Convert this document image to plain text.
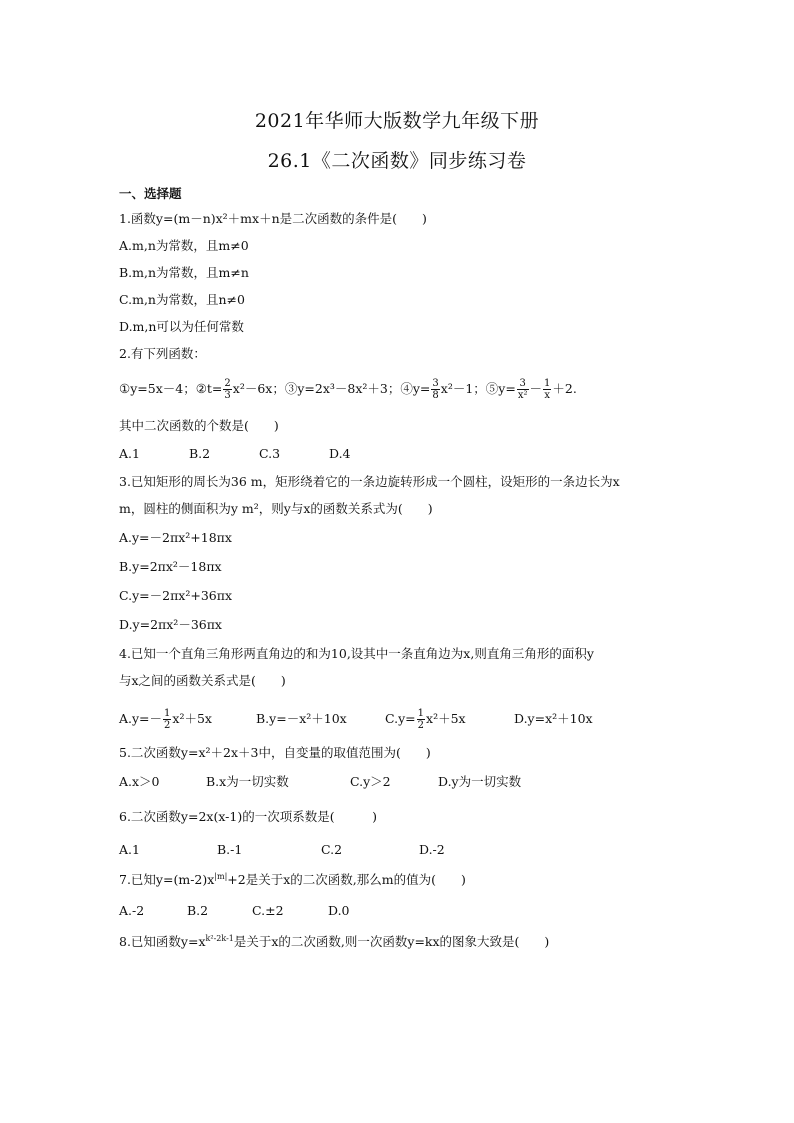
2021年华师大版数学九年级下册
26.1《二次函数》同步练习卷
一、选择题
1.函数y=(m－n)x²＋mx＋n是二次函数的条件是(　　)
A.m,n为常数，且m≠0
B.m,n为常数，且m≠n
C.m,n为常数，且n≠0
D.m,n可以为任何常数
2.有下列函数：
①y=5x－4；②t= $\frac{2}{3} x^2-6x$；③y=2x³－8x²＋3；④y= $\frac{3}{8} x^2-1$；⑤y= $\frac{3}{\text{x²}} - \frac{1}{x} +2$.
其中二次函数的个数是(　　)
A.1	B.2	C.3	D.4
3.已知矩形的周长为36 m，矩形绕着它的一条边旋转形成一个圆柱，设矩形的一条边长为x
m，圆柱的侧面积为y m²，则y与x的函数关系式为(　　)
A.y=－2πx²+18πx
B.y=2πx²－18πx
C.y=－2πx²+36πx
D.y=2πx²－36πx
4.已知一个直角三角形两直角边的和为10,设其中一条直角边为x,则直角三角形的面积y
与x之间的函数关系式是(　　)
$A.y=- \frac{1}{2} x^2+5x$	B.y=－x²＋10x	$C.y= \frac{1}{2} x^2+5x$	D.y=x²＋10x
5.二次函数y=x²＋2x＋3中，自变量的取值范围为(　　)
A.x＞0	B.x为一切实数	C.y＞2	D.y为一切实数
6.二次函数y=2x(x-1)的一次项系数是(　　　)
A.1	B.-1	C.2	D.-2
7.已知$y=(m-2)x^{|m|}+2$是关于x的二次函数,那么m的值为(　　)
A.-2	B.2	C.±2	D.0
8.已知函数$y=x^{k^2-2k-1}$是关于x的二次函数,则一次函数y=kx的图象大致是(　　)
